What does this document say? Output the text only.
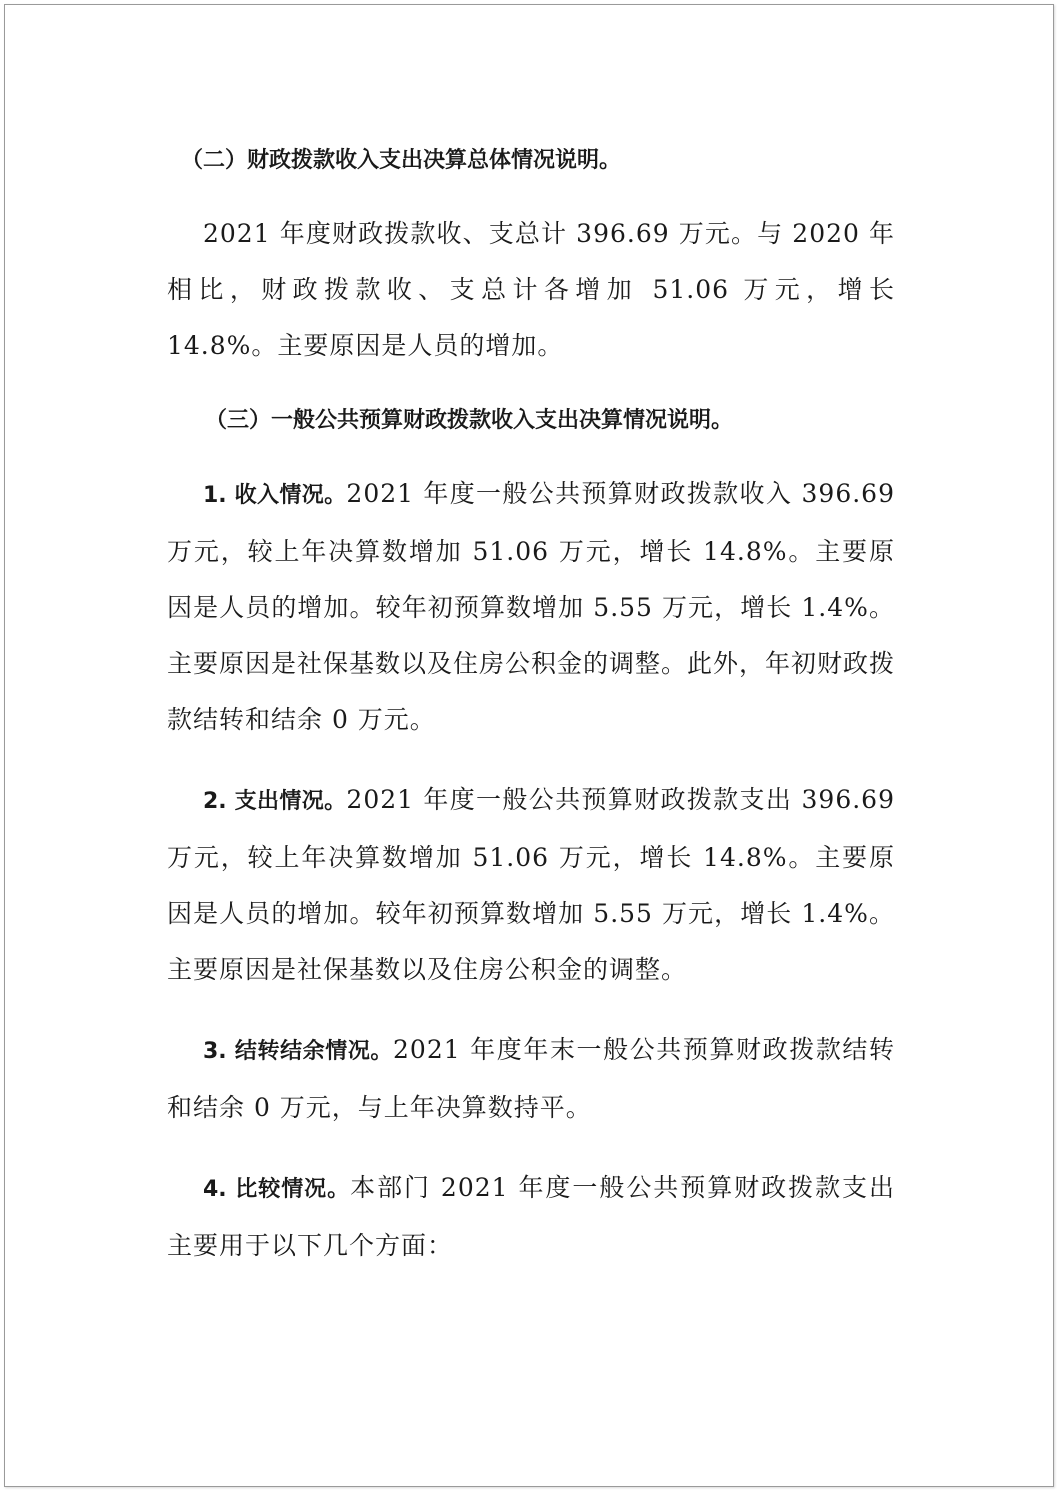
（二）财政拨款收入支出决算总体情况说明。

2021 年度财政拨款收、支总计 396.69 万元。与 2020 年相比，财政拨款收、支总计各增加 51.06 万元，增长 14.8%。主要原因是人员的增加。

（三）一般公共预算财政拨款收入支出决算情况说明。

1. 收入情况。2021 年度一般公共预算财政拨款收入 396.69 万元，较上年决算数增加 51.06 万元，增长 14.8%。主要原因是人员的增加。较年初预算数增加 5.55 万元，增长 1.4%。主要原因是社保基数以及住房公积金的调整。此外，年初财政拨款结转和结余 0 万元。

2. 支出情况。2021 年度一般公共预算财政拨款支出 396.69 万元，较上年决算数增加 51.06 万元，增长 14.8%。主要原因是人员的增加。较年初预算数增加 5.55 万元，增长 1.4%。主要原因是社保基数以及住房公积金的调整。

3. 结转结余情况。2021 年度年末一般公共预算财政拨款结转和结余 0 万元，与上年决算数持平。

4. 比较情况。本部门 2021 年度一般公共预算财政拨款支出主要用于以下几个方面：
